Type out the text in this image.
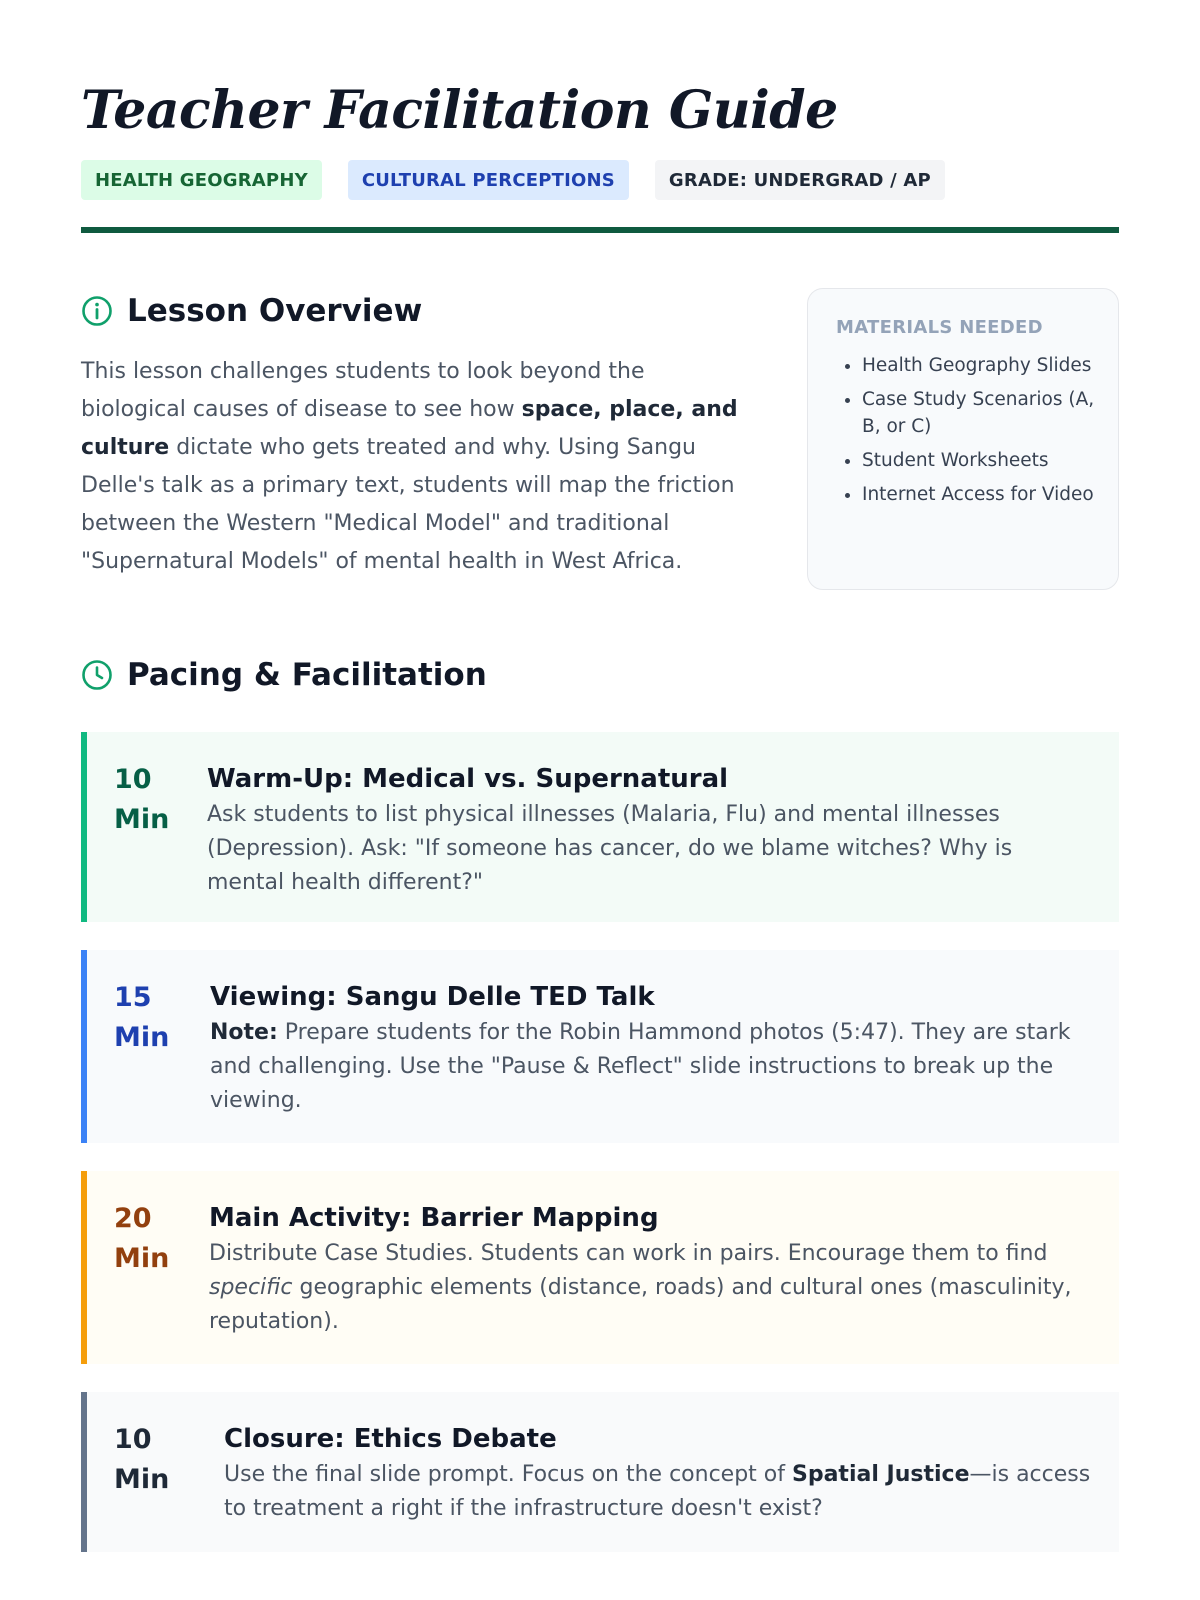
Teacher Facilitation Guide
HEALTH GEOGRAPHY	CULTURAL PERCEPTIONS	GRADE: UNDERGRAD / AP
Lesson Overview

This lesson challenges students to look beyond the biological causes of disease to see how space, place, and culture dictate who gets treated and why. Using Sangu Delle's talk as a primary text, students will map the friction between the Western "Medical Model" and traditional "Supernatural Models" of mental health in West Africa.

MATERIALS NEEDED
• Health Geography Slides
• Case Study Scenarios (A, B, or C)
• Student Worksheets
• Internet Access for Video
Pacing & Facilitation
10
Min
Warm-Up: Medical vs. Supernatural

Ask students to list physical illnesses (Malaria, Flu) and mental illnesses (Depression). Ask: "If someone has cancer, do we blame witches? Why is mental health different?"

15
Min
Viewing: Sangu Delle TED Talk

Note: Prepare students for the Robin Hammond photos (5:47). They are stark and challenging. Use the "Pause & Reflect" slide instructions to break up the viewing.

20
Min
Main Activity: Barrier Mapping

Distribute Case Studies. Students can work in pairs. Encourage them to find specific geographic elements (distance, roads) and cultural ones (masculinity, reputation).

10
Min
Closure: Ethics Debate

Use the final slide prompt. Focus on the concept of Spatial Justice—is access to treatment a right if the infrastructure doesn't exist?
